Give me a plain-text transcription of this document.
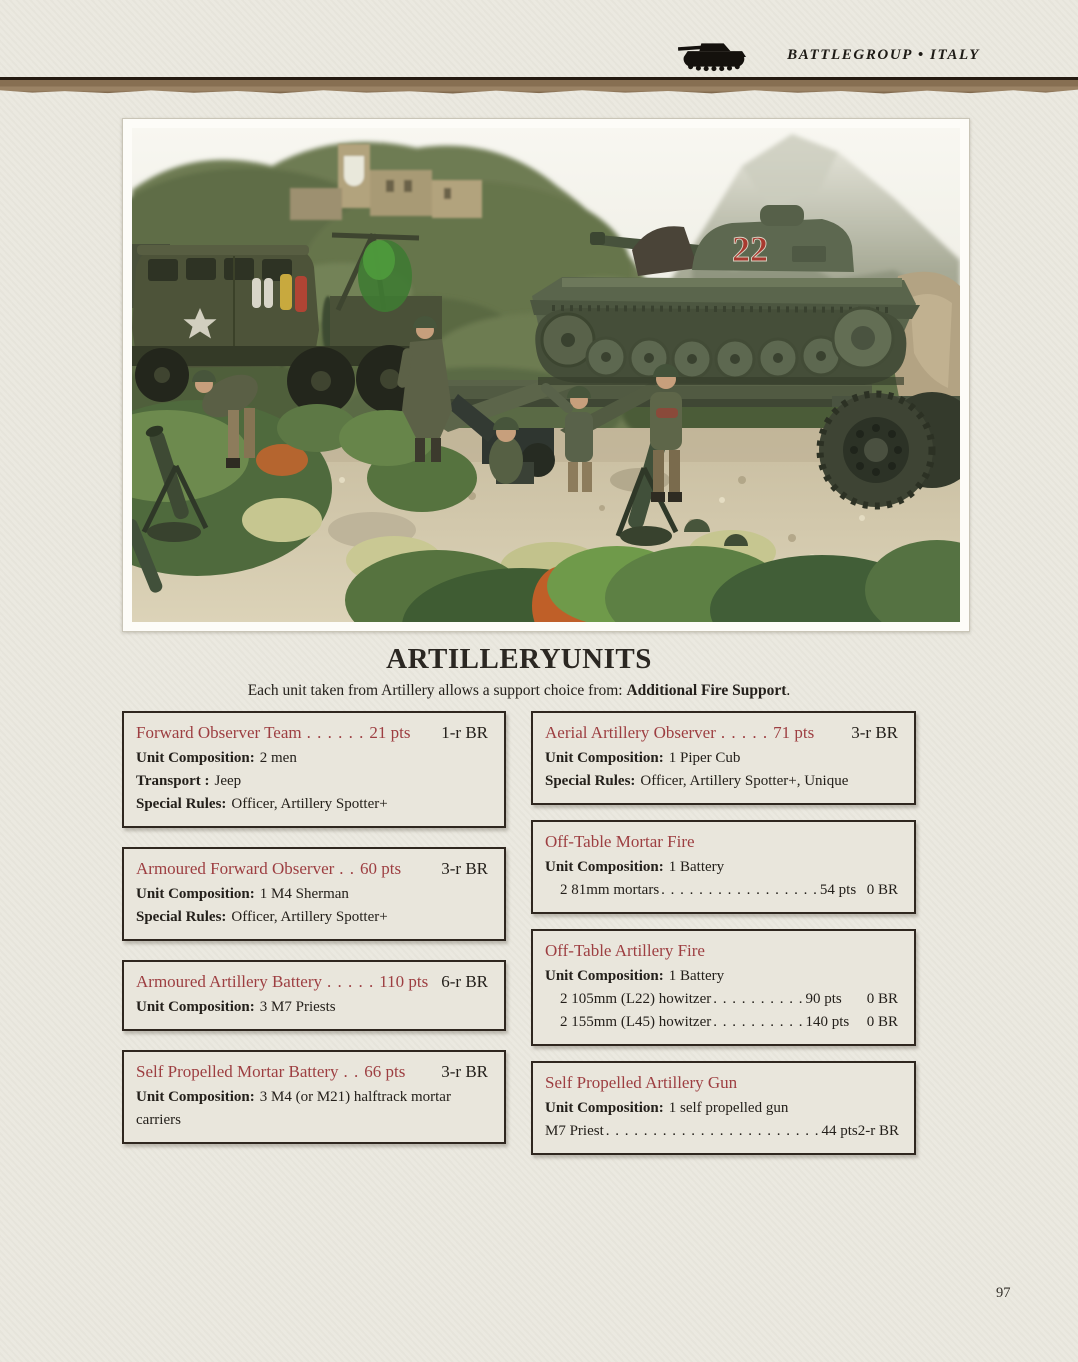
BATTLEGROUP • ITALY
22
ARTILLERY UNITS

Each unit taken from Artillery allows a support choice from: Additional Fire Support.

Forward Observer Team . . . . . . 21 pts 1-r BR
Unit Composition: 2 men
Transport : Jeep
Special Rules: Officer, Artillery Spotter+
Armoured Forward Observer . . 60 pts 3-r BR
Unit Composition: 1 M4 Sherman
Special Rules: Officer, Artillery Spotter+
Armoured Artillery Battery . . . . . 110 pts 6-r BR
Unit Composition: 3 M7 Priests
Self Propelled Mortar Battery . . 66 pts 3-r BR
Unit Composition: 3 M4 (or M21) halftrack mortar carriers
Aerial Artillery Observer . . . . . 71 pts 3-r BR
Unit Composition: 1 Piper Cub
Special Rules: Officer, Artillery Spotter+, Unique
Off-Table Mortar Fire
Unit Composition: 1 Battery
2 81mm mortars . . . . . . . . . . . . . . . . . 54 pts 0 BR
Off-Table Artillery Fire
Unit Composition: 1 Battery
2 105mm (L22) howitzer . . . . . . . . . . 90 pts 0 BR
2 155mm (L45) howitzer . . . . . . . . . . 140 pts 0 BR
Self Propelled Artillery Gun
Unit Composition: 1 self propelled gun
M7 Priest . . . . . . . . . . . . . . . . . . . . . . . 44 pts 2-r BR
97
